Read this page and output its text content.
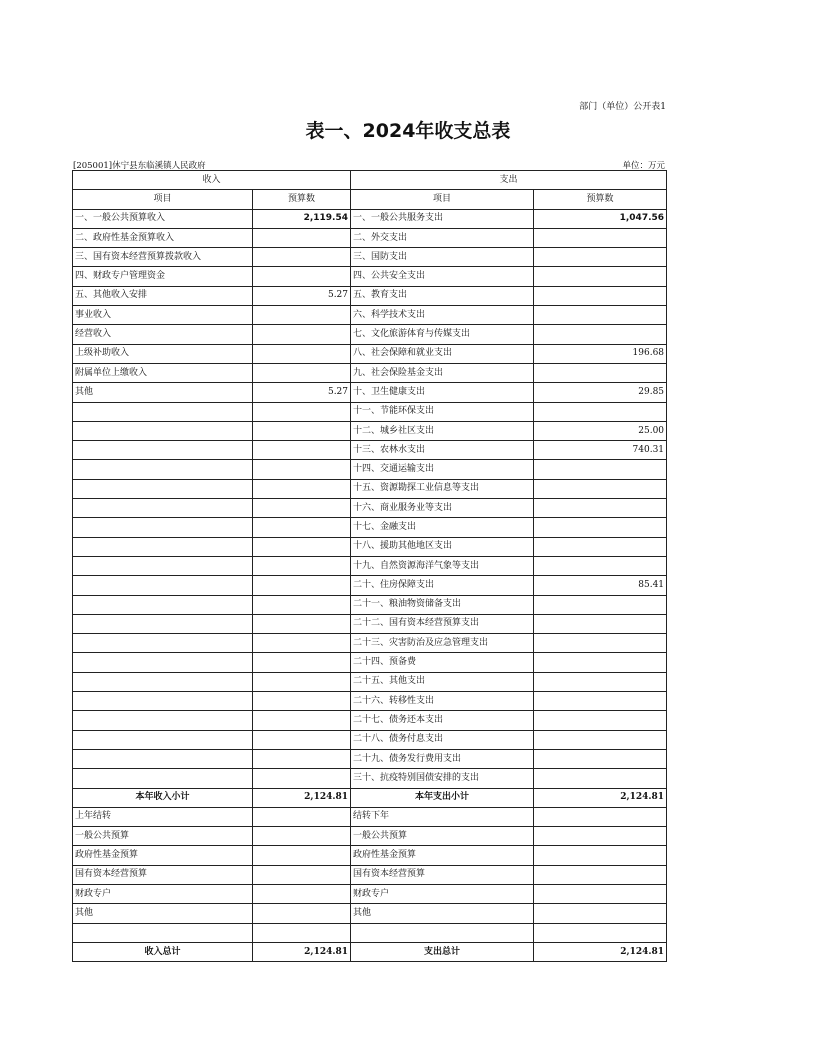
部门（单位）公开表1
表一、2024年收支总表
[205001]休宁县东临溪镇人民政府	单位：万元
收入		支出	
项目	预算数	项目	预算数
一、一般公共预算收入	2,119.54	一、一般公共服务支出	1,047.56
二、政府性基金预算收入		二、外交支出	
三、国有资本经营预算拨款收入		三、国防支出	
四、财政专户管理资金		四、公共安全支出	
五、其他收入安排	5.27	五、教育支出	
事业收入		六、科学技术支出	
经营收入		七、文化旅游体育与传媒支出	
上级补助收入		八、社会保障和就业支出	196.68
附属单位上缴收入		九、社会保险基金支出	
其他	5.27	十、卫生健康支出	29.85
		十一、节能环保支出	
		十二、城乡社区支出	25.00
		十三、农林水支出	740.31
		十四、交通运输支出	
		十五、资源勘探工业信息等支出	
		十六、商业服务业等支出	
		十七、金融支出	
		十八、援助其他地区支出	
		十九、自然资源海洋气象等支出	
		二十、住房保障支出	85.41
		二十一、粮油物资储备支出	
		二十二、国有资本经营预算支出	
		二十三、灾害防治及应急管理支出	
		二十四、预备费	
		二十五、其他支出	
		二十六、转移性支出	
		二十七、债务还本支出	
		二十八、债务付息支出	
		二十九、债务发行费用支出	
		三十、抗疫特别国债安排的支出	
本年收入小计	2,124.81	本年支出小计	2,124.81
上年结转		结转下年	
一般公共预算		一般公共预算	
政府性基金预算		政府性基金预算	
国有资本经营预算		国有资本经营预算	
财政专户		财政专户	
其他		其他	

收入总计	2,124.81	支出总计	2,124.81
